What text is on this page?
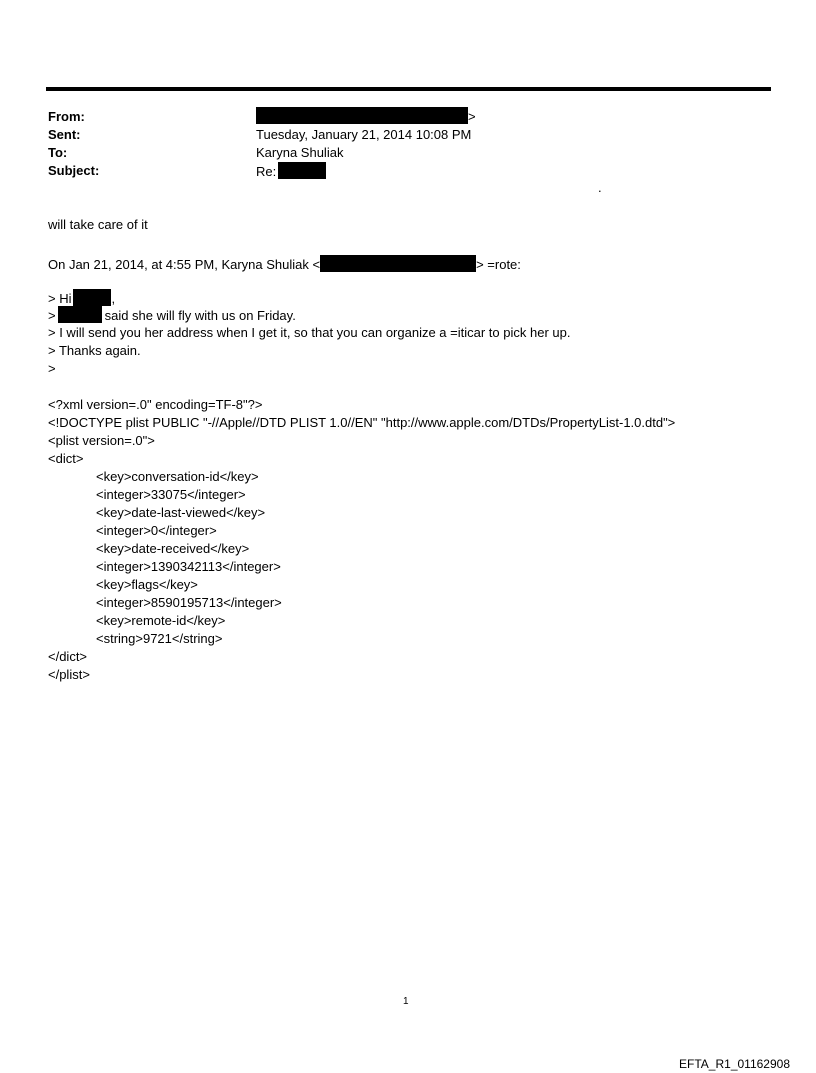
From:	>
Sent:	Tuesday, January 21, 2014 10:08 PM
To:	Karyna Shuliak
Subject:	Re:
.
will take care of it
On Jan 21, 2014, at 4:55 PM, Karyna Shuliak <	> =rote:
> Hi	,
>	said she will fly with us on Friday.
> I will send you her address when I get it, so that you can organize a =iticar to pick her up.
> Thanks again.
>
<?xml version=.0" encoding=TF-8"?>
<!DOCTYPE plist PUBLIC "-//Apple//DTD PLIST 1.0//EN" "http://www.apple.com/DTDs/PropertyList-1.0.dtd">
<plist version=.0">
<dict>
<key>conversation-id</key>
<integer>33075</integer>
<key>date-last-viewed</key>
<integer>0</integer>
<key>date-received</key>
<integer>1390342113</integer>
<key>flags</key>
<integer>8590195713</integer>
<key>remote-id</key>
<string>9721</string>
</dict>
</plist>
1
EFTA_R1_01162908
